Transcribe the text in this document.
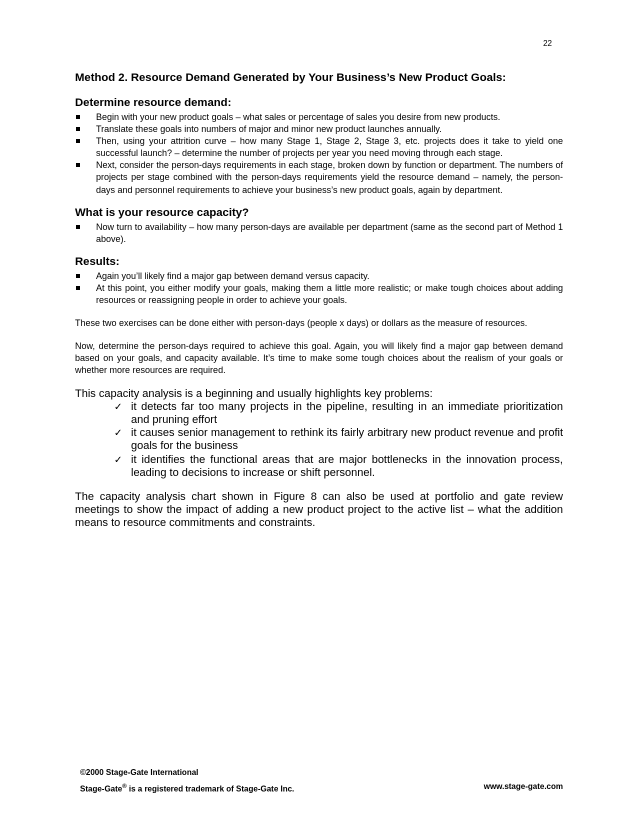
22
Method 2. Resource Demand Generated by Your Business’s New Product Goals:
Determine resource demand:
Begin with your new product goals – what sales or percentage of sales you desire from new products.
Translate these goals into numbers of major and minor new product launches annually.
Then, using your attrition curve – how many Stage 1, Stage 2, Stage 3, etc. projects does it take to yield one successful launch? – determine the number of projects per year you need moving through each stage.
Next, consider the person-days requirements in each stage, broken down by function or department. The numbers of projects per stage combined with the person-days requirements yield the resource demand – namely, the person-days and personnel requirements to achieve your business’s new product goals, again by department.
What is your resource capacity?
Now turn to availability – how many person-days are available per department (same as the second part of Method 1 above).
Results:
Again you’ll likely find a major gap between demand versus capacity.
At this point, you either modify your goals, making them a little more realistic; or make tough choices about adding resources or reassigning people in order to achieve your goals.

These two exercises can be done either with person-days (people x days) or dollars as the measure of resources.

Now, determine the person-days required to achieve this goal. Again, you will likely find a major gap between demand based on your goals, and capacity available. It’s time to make some tough choices about the realism of your goals or whether more resources are required.

This capacity analysis is a beginning and usually highlights key problems:

✓ it detects far too many projects in the pipeline, resulting in an immediate prioritization and pruning effort
✓ it causes senior management to rethink its fairly arbitrary new product revenue and profit goals for the business
✓ it identifies the functional areas that are major bottlenecks in the innovation process, leading to decisions to increase or shift personnel.

The capacity analysis chart shown in Figure 8 can also be used at portfolio and gate review meetings to show the impact of adding a new product project to the active list – what the addition means to resource commitments and constraints.

©2000 Stage-Gate International
Stage-Gate® is a registered trademark of Stage-Gate Inc.	www.stage-gate.com
